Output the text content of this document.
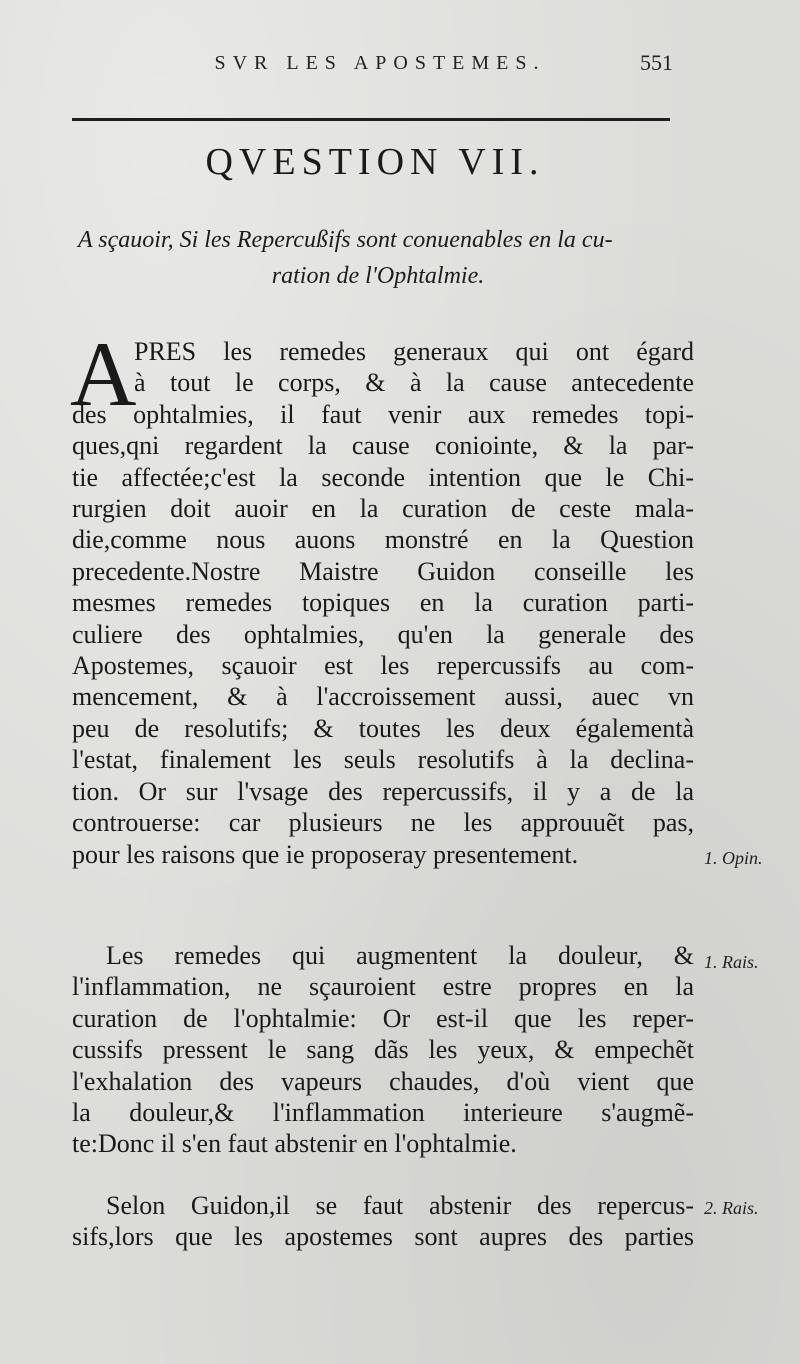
SVR LES APOSTEMES.	551
QVESTION VII.
A sçauoir, Si les Repercußifs sont conuenables en la cu-
ration de l'Ophtalmie.
A
PRES les remedes generaux qui ont égard
à tout le corps, & à la cause antecedente
des ophtalmies, il faut venir aux remedes topi-
ques,qni regardent la cause coniointe, & la par-
tie affectée;c'est la seconde intention que le Chi-
rurgien doit auoir en la curation de ceste mala-
die,comme nous auons monstré en la Question
precedente.Nostre Maistre Guidon conseille les
mesmes remedes topiques en la curation parti-
culiere des ophtalmies, qu'en la generale des
Apostemes, sçauoir est les repercussifs au com-
mencement, & à l'accroissement aussi, auec vn
peu de resolutifs; & toutes les deux égalementà
l'estat, finalement les seuls resolutifs à la declina-
tion. Or sur l'vsage des repercussifs, il y a de la
controuerse: car plusieurs ne les approuuẽt pas,
pour les raisons que ie proposeray presentement.
Les remedes qui augmentent la douleur, &
l'inflammation, ne sçauroient estre propres en la
curation de l'ophtalmie: Or est-il que les reper-
cussifs pressent le sang dãs les yeux, & empechẽt
l'exhalation des vapeurs chaudes, d'où vient que
la douleur,& l'inflammation interieure s'augmẽ-
te:Donc il s'en faut abstenir en l'ophtalmie.
Selon Guidon,il se faut abstenir des repercus-
sifs,lors que les apostemes sont aupres des parties
1. Opin.
1. Rais.
2. Rais.
